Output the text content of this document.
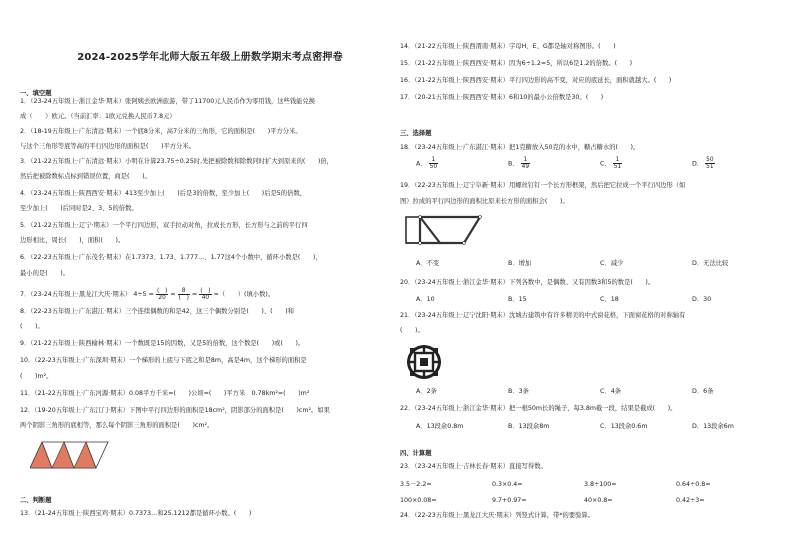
2024-2025学年北师大版五年级上册数学期末考点密押卷
一、填空题
1．（23-24五年级上·浙江金华·期末）张阿姨去欧洲旅游，带了11700元人民币作为零用钱，这些钱能兑换
成（　　）欧元。（当前汇率：1欧元兑换人民币7.8元）
2．（18-19五年级上·广东清远·期末）一个底8分米，高7分米的三角形，它的面积是(　　)平方分米。
与这个三角形等底等高的平行四边形的面积是(　　)平方分米。
3．（21-22五年级上·广东清远·期末）小明在计算23.75÷0.25时,先把被除数和除数同时扩大到原来的(　　)倍，
然后把被除数标点标到错误位置，商是(　　)。
4．（23-24五年级上·陕西西安·期末）413至少加上(　　)后是3的倍数，至少加上(　　)后是5的倍数，
至少加上(　　)后同时是2、3、5的倍数。
5．（21-22五年级上·辽宁·期末）一个平行四边形，双手拉动对角，拉成长方形，长方形与之前的平行四
边形相比，周长(　　)，面积(　　)。
6．（22-23五年级上·广东茂名·期末）在1.7373、1.73、1.777…、1.77这4个小数中，循环小数是(　　)，
最小的是(　　)。
7．（23-24五年级上·黑龙江大庆·期末） $4\div 5 = \frac{( )}{20} = \frac{8}{( )} = \frac{( )}{40}$ =（　　）(填小数)。
8．（22-23五年级上·广东湛江·期末）三个连续偶数的和是42，这三个偶数分别是(　　)、(　　)和
(　　)。
9．（21-22五年级上·陕西榆林·期末）一个数既是15的因数，又是5的倍数，这个数是(　　)或(　　)。
10．（22-23五年级上·广东深圳·期末）一个梯形的上底与下底之和是8m，高是4m，这个梯形的面积是
(　　)m²。
11．（21-22五年级上·广东河源·期末）0.08平方千米=(　　)公顷=(　　)平方米　0.78km²=(　　)m²
12．（19-20五年级上·广东江门·期末）下图中平行四边形的面积是18cm²，阴影部分的面积是(　　)cm²。如果
两个阴影三角形的底相等，那么每个阴影三角形的面积是(　　)cm²。
二、判断题
13．（21-24五年级上·陕西宝鸡·期末）0.7373…和25.1212都是循环小数。(　　)
14．（21-22五年级上·陕西渭南·期末）字母H、E、G都是轴对称图形。(　　)
15．（21-22五年级上·陕西西安·期末）因为6÷1.2=5，所以6是1.2的倍数。(　　)
16．（21-22五年级上·陕西西安·期末）平行四边形的高不变，对应的底延长，面积就越大。(　　)
17．（20-21五年级上·陕西西安·期末）6和10的最小公倍数是30。(　　)
三、选择题
18．（23-24五年级上·广东湛江·期末）把1克糖放入50克的水中，糖占糖水的(　　)。
A． $\frac{1}{50}$	B． $\frac{1}{49}$	C． $\frac{1}{51}$	D． $\frac{50}{51}$
19．（22-23五年级上·辽宁阜新·期末）用螺丝钉钉一个长方形框架，然后把它拉成一个平行四边形（如
图）拉成的平行四边形的面积比原来长方形的面积会(　　)。
A．不变	B．增加	C．减少	D．无法比较
20．（23-24五年级上·浙江金华·期末）下列各数中，是偶数、又有因数3和5的数是(　　)。
A．10	B．15	C．18	D．30
21．（23-24五年级上·辽宁沈阳·期末）沈城古建筑中有许多精美的中式窗花格，下面窗花格的对称轴有
(　　)。
A．2条	B．3条	C．4条	D．6条
22．（23-24五年级上·浙江金华·期末）把一根50m长的绳子，每3.8m截一段，结果是截成(　　)。
A．13段余0.8m	B．13段余8m	C．13段余0.6m	D．13段余6m
四、计算题
23．（23-24五年级上·吉林长春·期末）直接写得数。
3.5－2.2=	0.3×0.4=	3.8÷100=	0.64÷0.8=
100×0.08=	9.7+0.97=	40×0.8=	0.42÷3=
24．（22-23五年级上·黑龙江大庆·期末）列竖式计算，带*的要验算。
